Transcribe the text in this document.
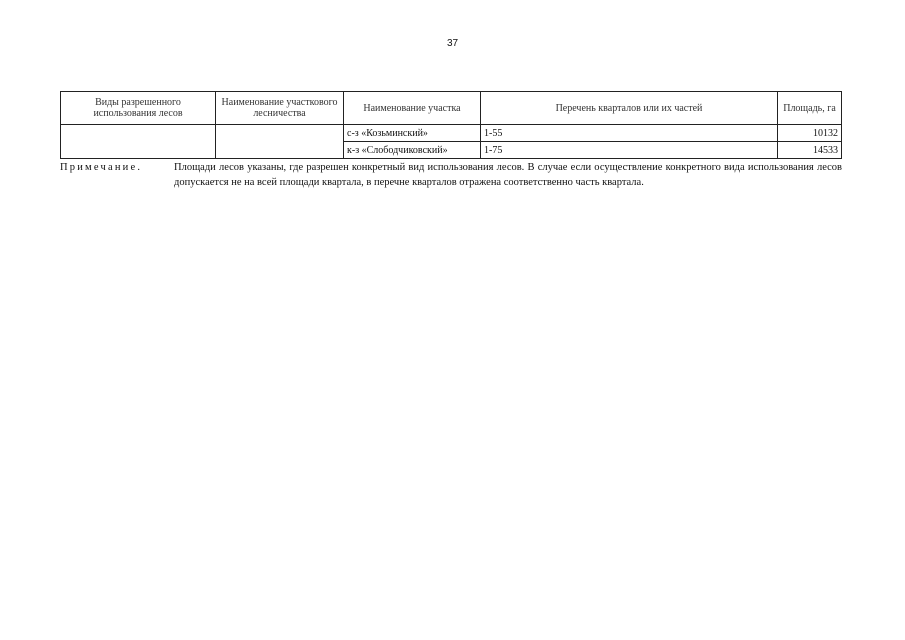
37
Виды разрешенного использования лесов	Наименование участкового лесничества	Наименование участка	Перечень кварталов или их частей	Площадь, га
		с-з «Козьминский»	1-55	10132
		к-з «Слободчиковский»	1-75	14533
Примечание.	Площади лесов указаны, где разрешен конкретный вид использования лесов. В случае если осуществление конкретного вида использования лесов допускается не на всей площади квартала, в перечне кварталов отражена соответственно часть квартала.
